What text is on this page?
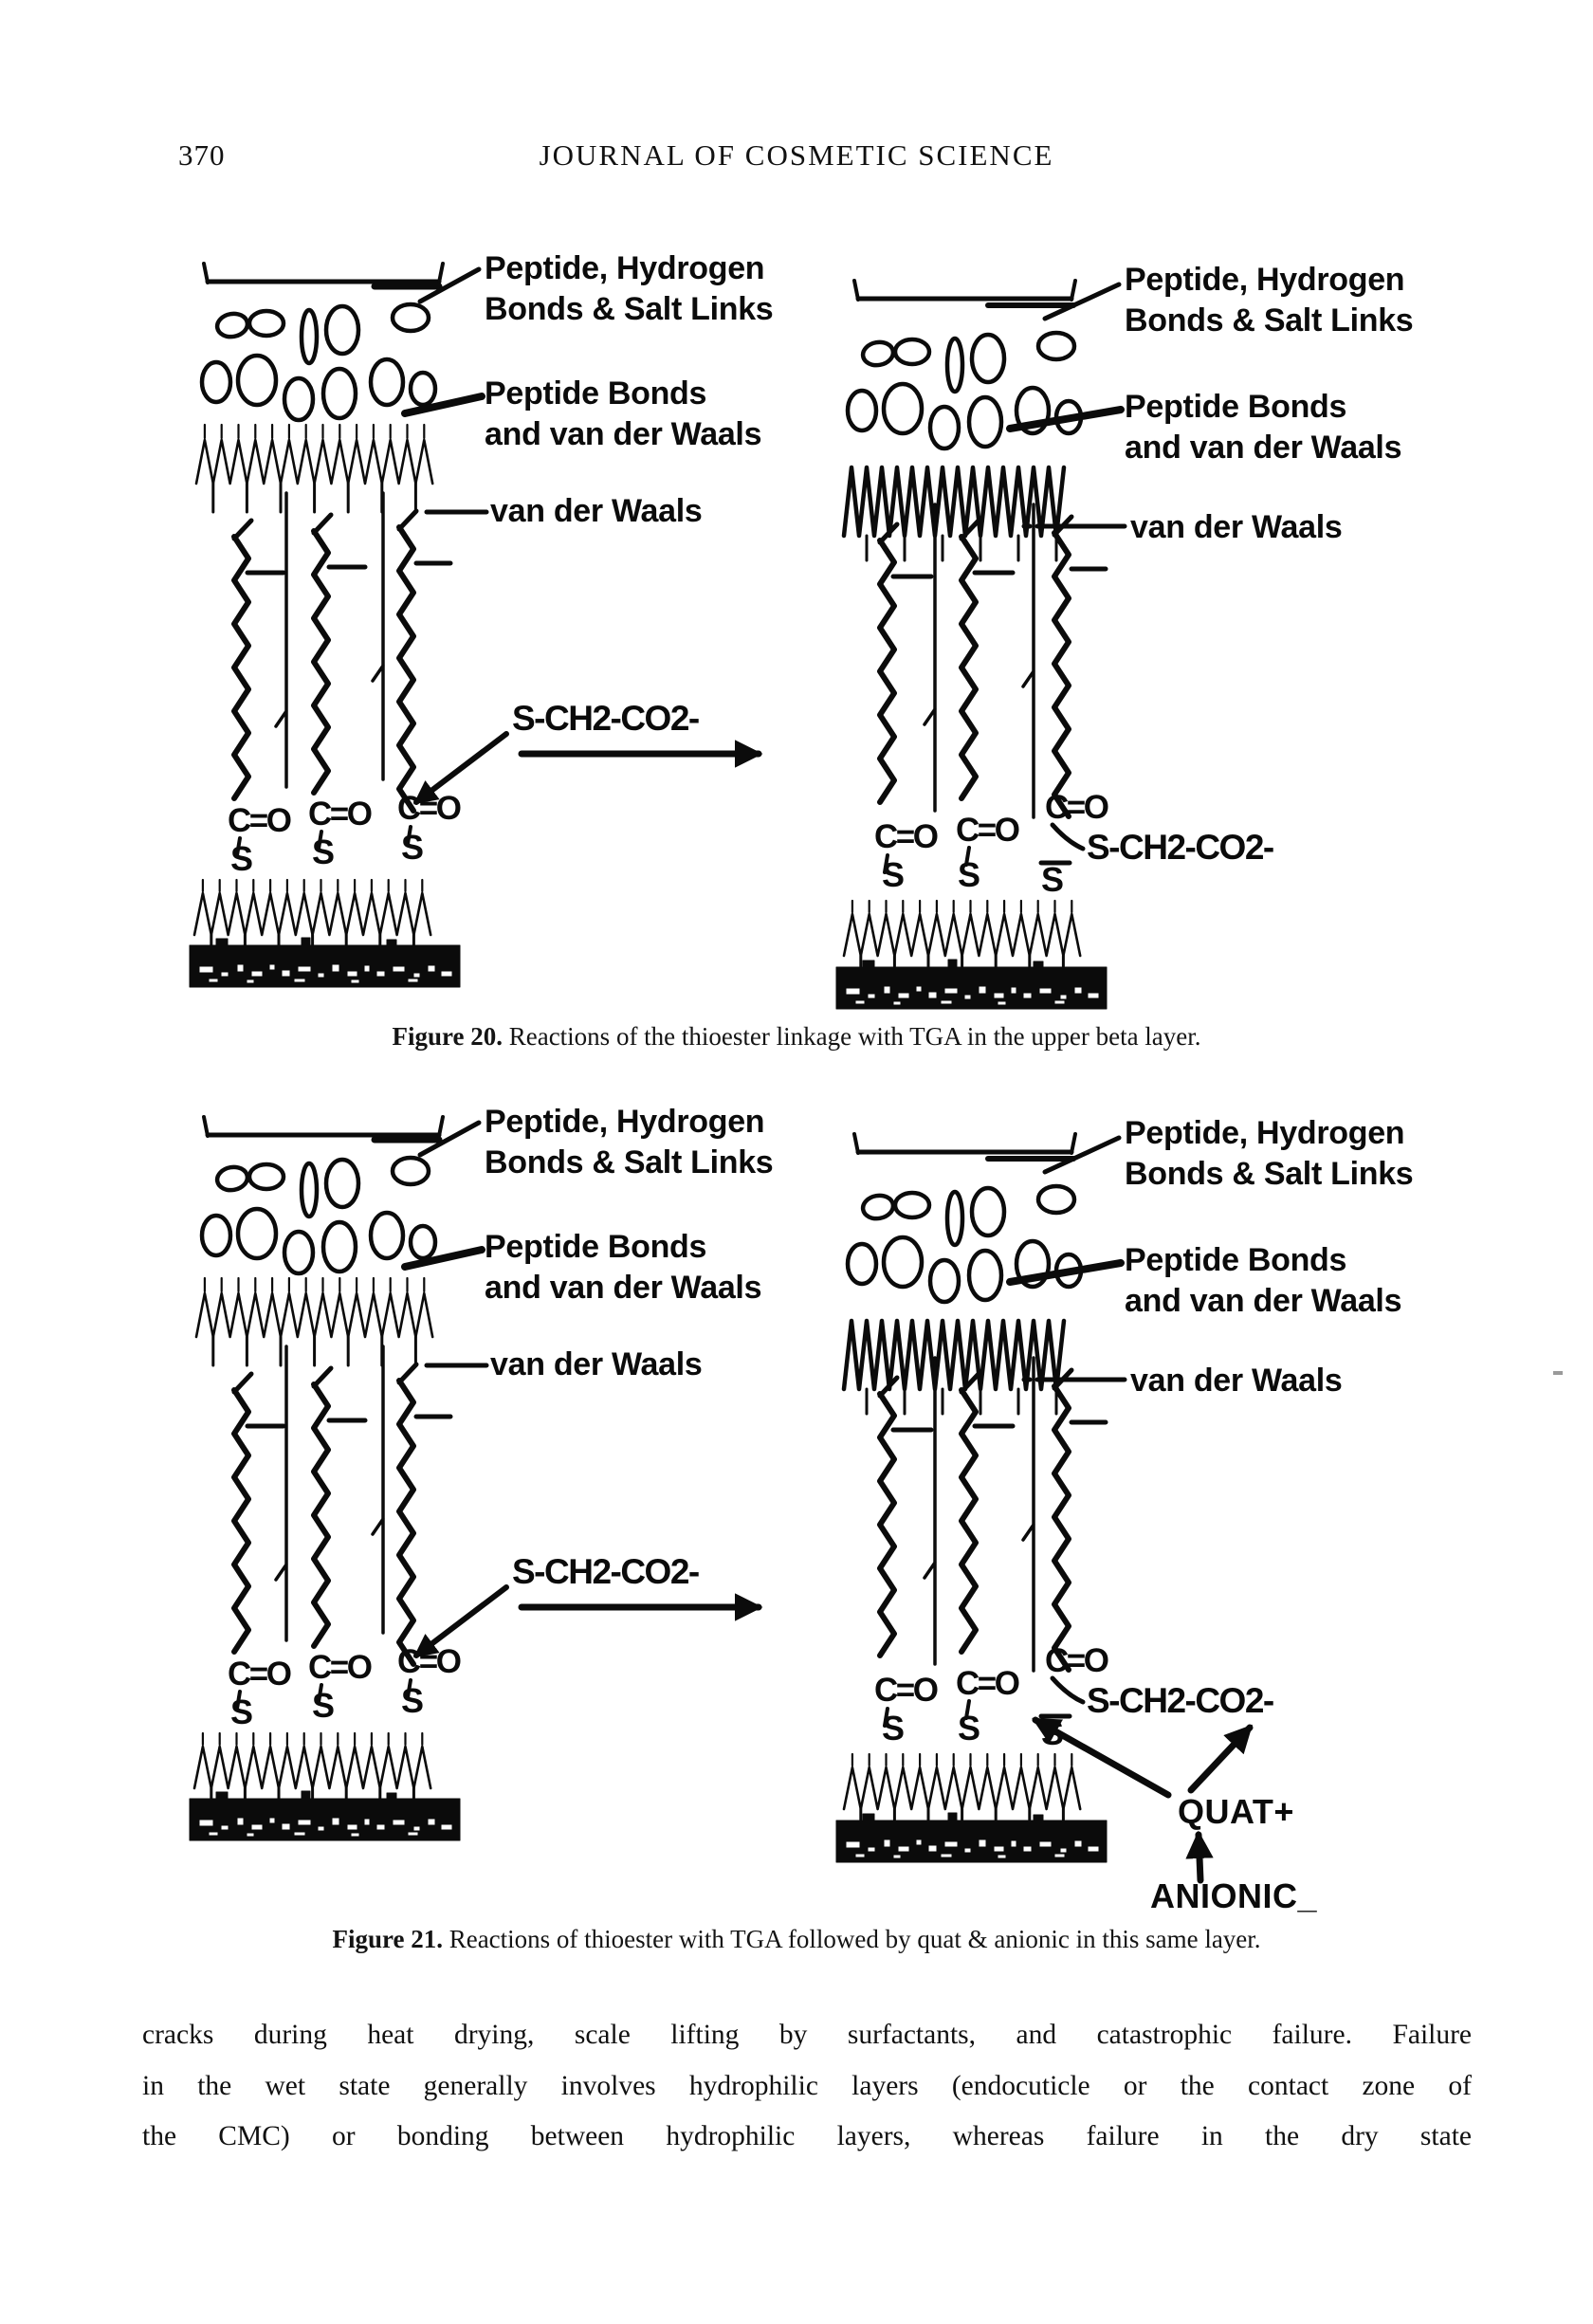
370	JOURNAL OF COSMETIC SCIENCE
Peptide, Hydrogen
Bonds & Salt Links
Peptide Bonds
and van der Waals
van der Waals
C=O C=O C=O
S S S
Peptide, Hydrogen
Bonds & Salt Links
Peptide Bonds
and van der Waals
van der Waals
C=O C=O
C=O
S S S
S-CH2-CO2-
S-CH2-CO2-
Figure 20. Reactions of the thioester linkage with TGA in the upper beta layer.
Peptide, Hydrogen
Bonds & Salt Links
Peptide Bonds
and van der Waals
van der Waals
C=O C=O C=O
S S S
Peptide, Hydrogen
Bonds & Salt Links
Peptide Bonds
and van der Waals
van der Waals
C=O C=O
C=O
S S S
S-CH2-CO2-
S-CH2-CO2-
QUAT+
ANIONIC_
Figure 21. Reactions of thioester with TGA followed by quat & anionic in this same layer.
cracks during heat drying, scale lifting by surfactants, and catastrophic failure. Failure
in the wet state generally involves hydrophilic layers (endocuticle or the contact zone of
the CMC) or bonding between hydrophilic layers, whereas failure in the dry state
